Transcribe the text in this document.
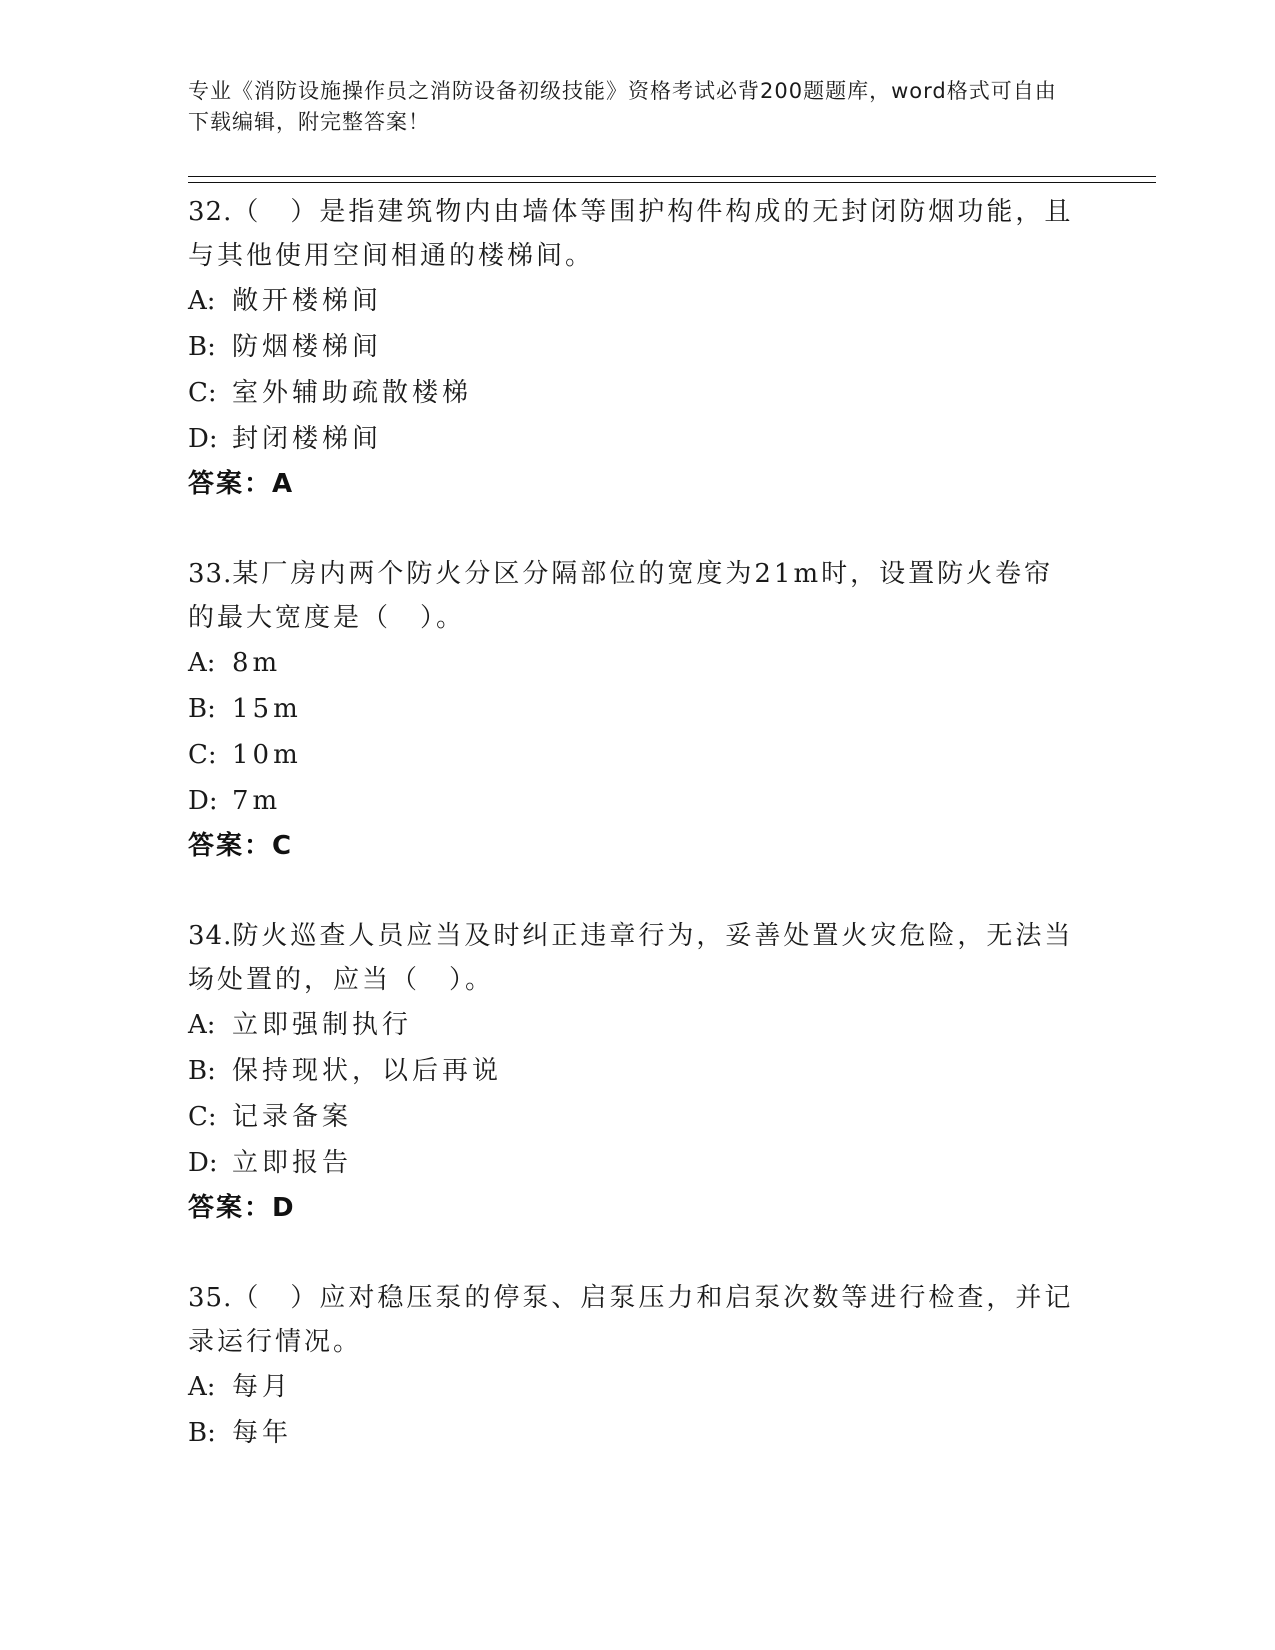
专业《消防设施操作员之消防设备初级技能》资格考试必背200题题库，word格式可自由下载编辑，附完整答案！
32.（　）是指建筑物内由墙体等围护构件构成的无封闭防烟功能，且与其他使用空间相通的楼梯间。
A: 敞开楼梯间
B: 防烟楼梯间
C: 室外辅助疏散楼梯
D: 封闭楼梯间
答案：A
33.某厂房内两个防火分区分隔部位的宽度为21m时，设置防火卷帘的最大宽度是（　）。
A: 8m
B: 15m
C: 10m
D: 7m
答案：C
34.防火巡查人员应当及时纠正违章行为，妥善处置火灾危险，无法当场处置的，应当（　）。
A: 立即强制执行
B: 保持现状，以后再说
C: 记录备案
D: 立即报告
答案：D
35.（　）应对稳压泵的停泵、启泵压力和启泵次数等进行检查，并记录运行情况。
A: 每月
B: 每年
